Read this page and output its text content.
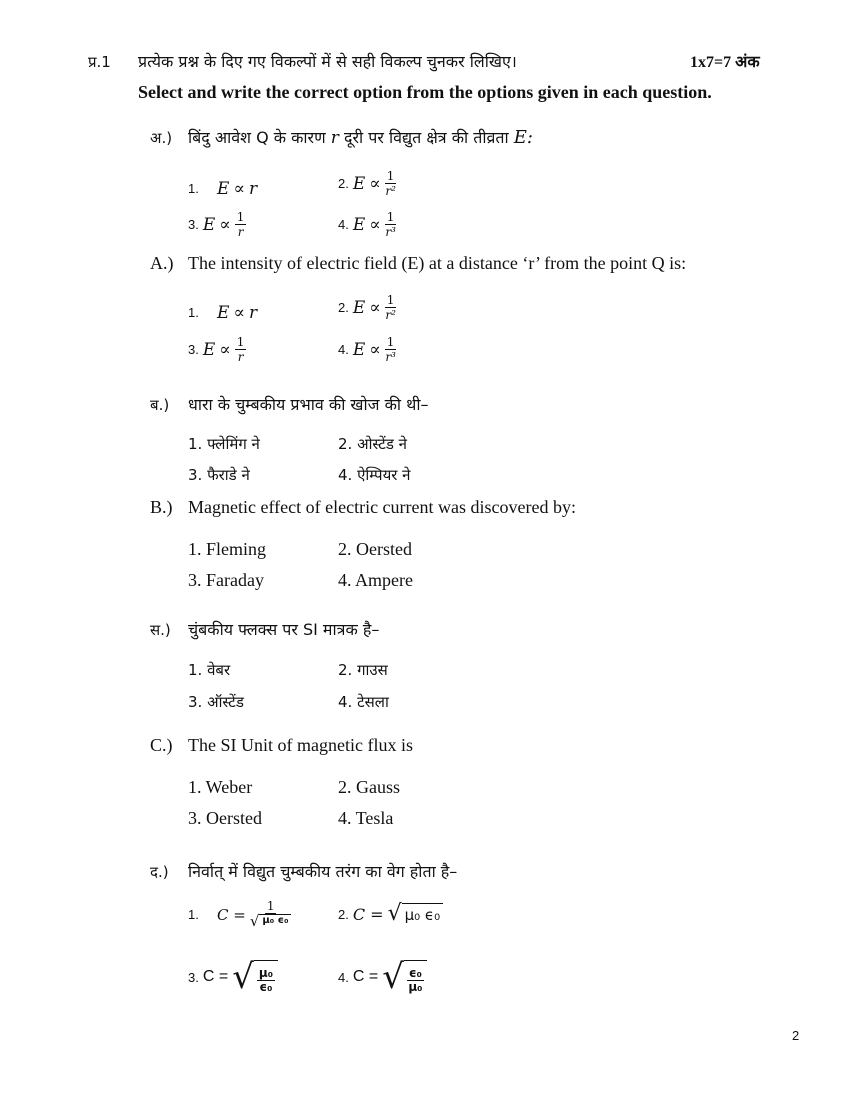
प्र.1 प्रत्येक प्रश्न के दिए गए विकल्पों में से सही विकल्प चुनकर लिखिए।	1x7=7 अंक
Select and write the correct option from the options given in each question.
अ.) बिंदु आवेश Q के कारण r दूरी पर विद्युत क्षेत्र की तीव्रता E:
1.
E ∝ r	2. $E \propto \frac{1}{\text{r²}}$
3. $E \propto \frac{1}{r}$	4. $E \propto \frac{1}{\text{r³}}$
A.) The intensity of electric field (E) at a distance ‘r’ from the point Q is:
1.
E ∝ r	2. $E \propto \frac{1}{\text{r²}}$
3. $E \propto \frac{1}{r}$	4. $E \propto \frac{1}{\text{r³}}$
ब.) धारा के चुम्बकीय प्रभाव की खोज की थी–
1. फ्लेमिंग ने	2. ओस्टेंड ने
3. फैराडे ने	4. ऐम्पियर ने
B.) Magnetic effect of electric current was discovered by:
1. Fleming	2. Oersted
3. Faraday	4. Ampere
स.) चुंबकीय फ्लक्स पर SI मात्रक है–
1. वेबर	2. गाउस
3. ऑस्टेंड	4. टेसला
C.) The SI Unit of magnetic flux is
1. Weber	2. Gauss
3. Oersted	4. Tesla
द.) निर्वात् में विद्युत चुम्बकीय तरंग का वेग होता है–
1.
$C = \frac{1}{\text{√ μ₀ ϵ₀}}$	2. C = √ μ₀ ϵ₀
3. C = √ $\frac{\text{μ₀}}{\text{ϵ₀}}$	4. C = √ $\frac{\text{ϵ₀}}{\text{μ₀}}$
2
